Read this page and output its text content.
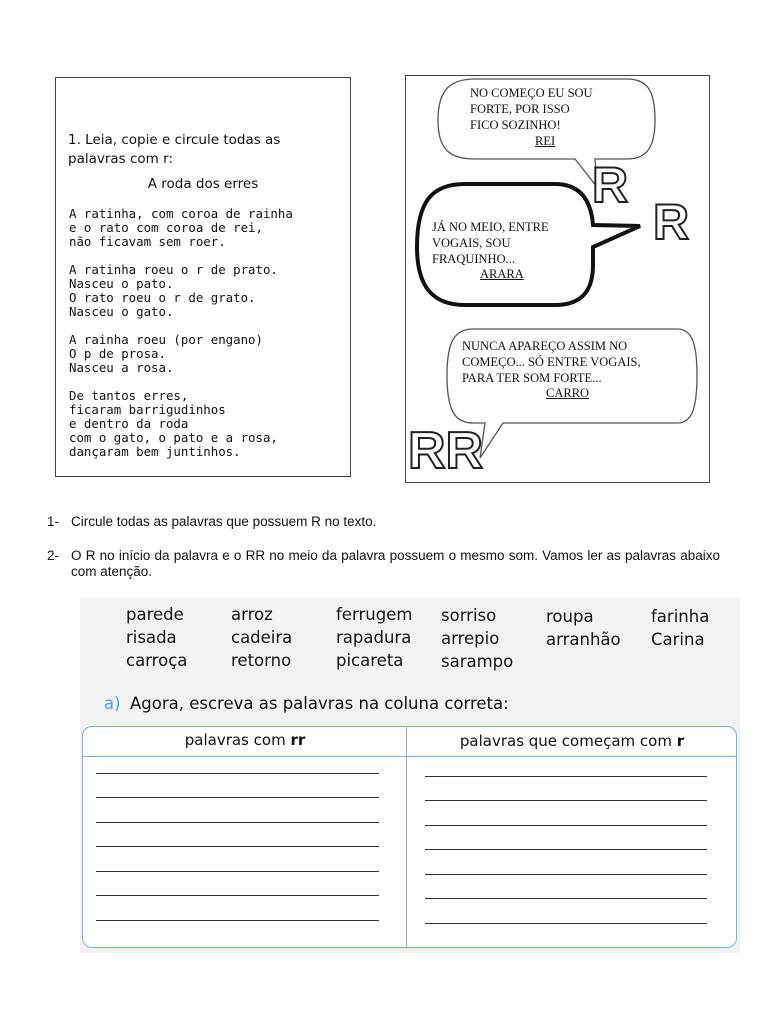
1. Leia, copie e circule todas as palavras com r:
A roda dos erres
A ratinha, com coroa de rainha
e o rato com coroa de rei,
não ficavam sem roer.
A ratinha roeu o r de prato.
Nasceu o pato.
O rato roeu o r de grato.
Nasceu o gato.
A rainha roeu (por engano)
O p de prosa.
Nasceu a rosa.
De tantos erres,
ficaram barrigudinhos
e dentro da roda
com o gato, o pato e a rosa,
dançaram bem juntinhos.
NO COMEÇO EU SOU
FORTE, POR ISSO
FICO SOZINHO!
REI
JÁ NO MEIO, ENTRE
VOGAIS, SOU
FRAQUINHO...
ARARA
NUNCA APAREÇO ASSIM NO
COMEÇO... SÓ ENTRE VOGAIS,
PARA TER SOM FORTE...
CARRO
R
R
RR
1- Circule todas as palavras que possuem R no texto.
2- O R no início da palavra e o RR no meio da palavra possuem o mesmo som. Vamos ler as palavras abaixo com atenção.
parede
risada
carroça
arroz
cadeira
retorno
ferrugem
rapadura
picareta
sorriso
arrepio
sarampo
roupa
arranhão
farinha
Carina
a) Agora, escreva as palavras na coluna correta:
palavras com rr	palavras que começam com r
